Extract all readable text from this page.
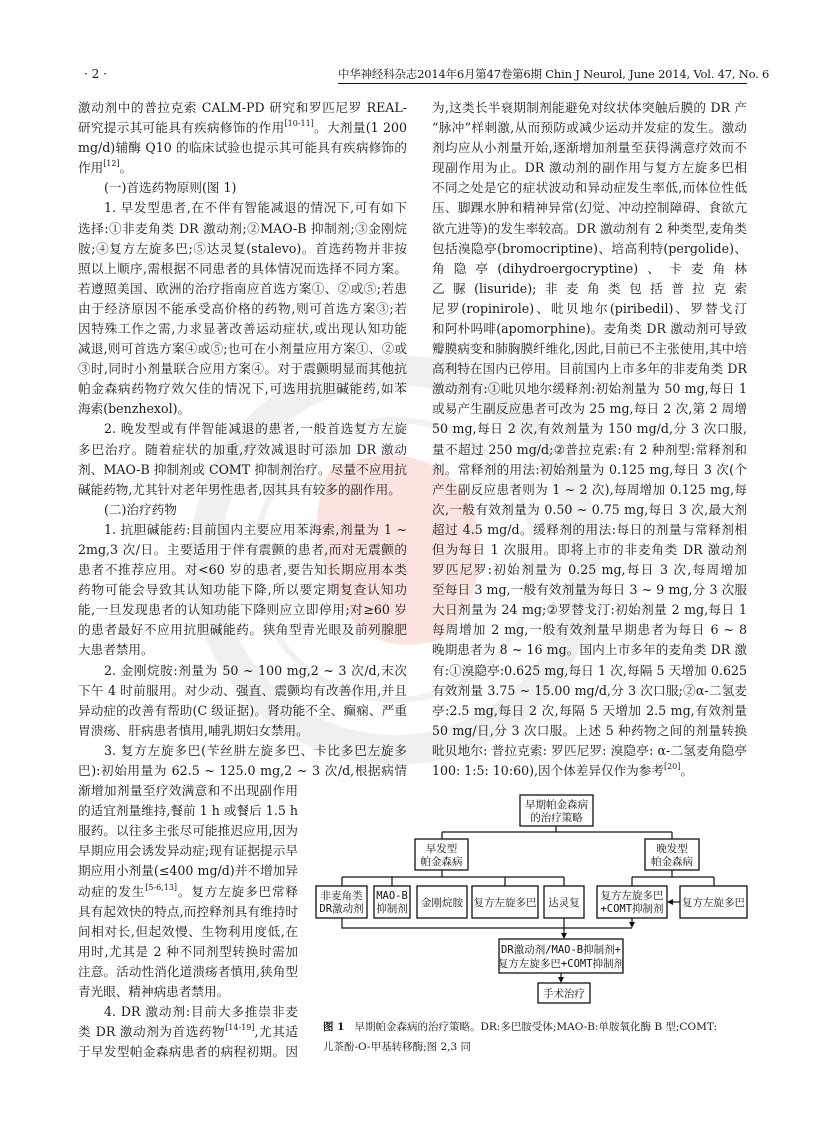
· 2 ·	中华神经科杂志2014年6月第47卷第6期 Chin J Neurol, June 2014, Vol. 47, No. 6
激动剂中的普拉克索 CALM-PD 研究和罗匹尼罗 REAL-
研究提示其可能具有疾病修饰的作用[10-11]。大剂量(1 200
mg/d)辅酶 Q10 的临床试验也提示其可能具有疾病修饰的
作用[12]。
(一)首选药物原则(图 1)
1. 早发型患者,在不伴有智能减退的情况下,可有如下
选择:①非麦角类 DR 激动剂;②MAO-B 抑制剂;③金刚烷
胺;④复方左旋多巴;⑤达灵复(stalevo)。首选药物并非按
照以上顺序,需根据不同患者的具体情况而选择不同方案。
若遵照美国、欧洲的治疗指南应首选方案①、②或⑤;若患
由于经济原因不能承受高价格的药物,则可首选方案③;若
因特殊工作之需,力求显著改善运动症状,或出现认知功能
减退,则可首选方案④或⑤;也可在小剂量应用方案①、②或
③时,同时小剂量联合应用方案④。对于震颤明显而其他抗
帕金森病药物疗效欠佳的情况下,可选用抗胆碱能药,如苯
海索(benzhexol)。
2. 晚发型或有伴智能减退的患者,一般首选复方左旋
多巴治疗。随着症状的加重,疗效减退时可添加 DR 激动
剂、MAO-B 抑制剂或 COMT 抑制剂治疗。尽量不应用抗
碱能药物,尤其针对老年男性患者,因其具有较多的副作用。
(二)治疗药物
1. 抗胆碱能药:目前国内主要应用苯海索,剂量为 1 ~
2mg,3 次/日。主要适用于伴有震颤的患者,而对无震颤的
患者不推荐应用。对<60 岁的患者,要告知长期应用本类
药物可能会导致其认知功能下降,所以要定期复查认知功
能,一旦发现患者的认知功能下降则应立即停用;对≥60 岁
的患者最好不应用抗胆碱能药。狭角型青光眼及前列腺肥
大患者禁用。
2. 金刚烷胺:剂量为 50 ~ 100 mg,2 ~ 3 次/d,末次
下午 4 时前服用。对少动、强直、震颤均有改善作用,并且
异动症的改善有帮助(C 级证据)。肾功能不全、癫痫、严重
胃溃疡、肝病患者慎用,哺乳期妇女禁用。
3. 复方左旋多巴(苄丝肼左旋多巴、卡比多巴左旋多
巴):初始用量为 62.5 ~ 125.0 mg,2 ~ 3 次/d,根据病情
渐增加剂量至疗效满意和不出现副作用
的适宜剂量维持,餐前 1 h 或餐后 1.5 h
服药。以往多主张尽可能推迟应用,因为
早期应用会诱发异动症;现有证据提示早
期应用小剂量(≤400 mg/d)并不增加异
动症的发生[5-6,13]。复方左旋多巴常释
具有起效快的特点,而控释剂具有维持时
间相对长,但起效慢、生物利用度低,在
用时,尤其是 2 种不同剂型转换时需加
注意。活动性消化道溃疡者慎用,狭角型
青光眼、精神病患者禁用。
4. DR 激动剂:目前大多推崇非麦
类 DR 激动剂为首选药物[14-19],尤其适
于早发型帕金森病患者的病程初期。因
为,这类长半衰期制剂能避免对纹状体突触后膜的 DR 产
“脉冲”样刺激,从而预防或减少运动并发症的发生。激动
剂均应从小剂量开始,逐渐增加剂量至获得满意疗效而不
现副作用为止。DR 激动剂的副作用与复方左旋多巴相
不同之处是它的症状波动和异动症发生率低,而体位性低
压、脚踝水肿和精神异常(幻觉、冲动控制障碍、食欲亢
欲亢进等)的发生率较高。DR 激动剂有 2 种类型,麦角类
包括溴隐亭(bromocriptine)、培高利特(pergolide)、
角隐亭(dihydroergocryptine)、卡麦角林
乙脲(lisuride);非麦角类包括普拉克索
尼罗(ropinirole)、吡贝地尔(piribedil)、罗替戈汀
和阿朴吗啡(apomorphine)。麦角类 DR 激动剂可导致
瓣膜病变和肺胸膜纤维化,因此,目前已不主张使用,其中培
高利特在国内已停用。目前国内上市多年的非麦角类 DR
激动剂有:①吡贝地尔缓释剂:初始剂量为 50 mg,每日 1
或易产生副反应患者可改为 25 mg,每日 2 次,第 2 周增
50 mg,每日 2 次,有效剂量为 150 mg/d,分 3 次口服,
量不超过 250 mg/d;②普拉克索:有 2 种剂型:常释剂和
剂。常释剂的用法:初始剂量为 0.125 mg,每日 3 次(个
产生副反应患者则为 1 ~ 2 次),每周增加 0.125 mg,每
次,一般有效剂量为 0.50 ~ 0.75 mg,每日 3 次,最大剂
超过 4.5 mg/d。缓释剂的用法:每日的剂量与常释剂相
但为每日 1 次服用。即将上市的非麦角类 DR 激动剂
罗匹尼罗:初始剂量为 0.25 mg,每日 3 次,每周增加
至每日 3 mg,一般有效剂量为每日 3 ~ 9 mg,分 3 次服
大日剂量为 24 mg;②罗替戈汀:初始剂量 2 mg,每日 1
每周增加 2 mg,一般有效剂量早期患者为每日 6 ~ 8
晚期患者为 8 ~ 16 mg。国内上市多年的麦角类 DR 激
有:①溴隐亭:0.625 mg,每日 1 次,每隔 5 天增加 0.625
有效剂量 3.75 ~ 15.00 mg/d,分 3 次口服;②α-二氢麦
亭:2.5 mg,每日 2 次,每隔 5 天增加 2.5 mg,有效剂量
50 mg/日,分 3 次口服。上述 5 种药物之间的剂量转换
吡贝地尔: 普拉克索: 罗匹尼罗: 溴隐亭: α-二氢麦角隐亭
100: 1:5: 10:60),因个体差异仅作为参考[20]。
早期帕金森病
的治疗策略
早发型
帕金森病
晚发型
帕金森病
非麦角类
DR激动剂
MAO-B
抑制剂 金刚烷胺 复方左旋多巴 达灵复
复方左旋多巴
+COMT抑制剂 复方左旋多巴
DR激动剂/MAO-B抑制剂+
复方左旋多巴+COMT抑制剂
手术治疗
图 1 早期帕金森病的治疗策略。DR:多巴胺受体;MAO-B:单胺氧化酶 B 型;COMT:
儿茶酚-O-甲基转移酶;图 2,3 同
